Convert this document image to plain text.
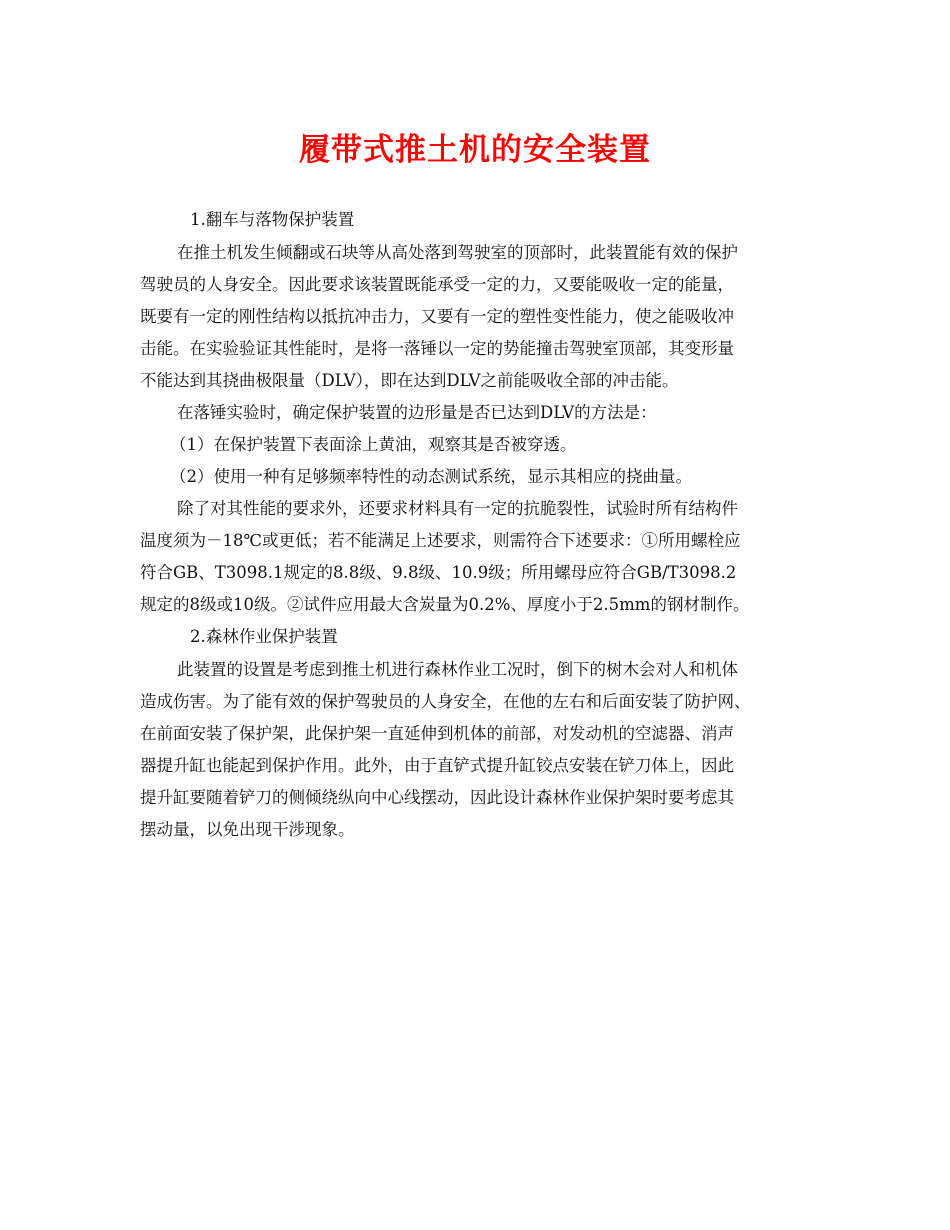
履带式推土机的安全装置

1.翻车与落物保护装置

在推土机发生倾翻或石块等从高处落到驾驶室的顶部时，此装置能有效的保护

驾驶员的人身安全。因此要求该装置既能承受一定的力，又要能吸收一定的能量，

既要有一定的刚性结构以抵抗冲击力，又要有一定的塑性变性能力，使之能吸收冲

击能。在实验验证其性能时，是将一落锤以一定的势能撞击驾驶室顶部，其变形量

不能达到其挠曲极限量（DLV），即在达到DLV之前能吸收全部的冲击能。

在落锤实验时，确定保护装置的边形量是否已达到DLV的方法是：

（1）在保护装置下表面涂上黄油，观察其是否被穿透。

（2）使用一种有足够频率特性的动态测试系统，显示其相应的挠曲量。

除了对其性能的要求外，还要求材料具有一定的抗脆裂性，试验时所有结构件

温度须为－18℃或更低；若不能满足上述要求，则需符合下述要求：①所用螺栓应

符合GB、T3098.1规定的8.8级、9.8级、10.9级；所用螺母应符合GB/T3098.2

规定的8级或10级。②试件应用最大含炭量为0.2%、厚度小于2.5mm的钢材制作。

2.森林作业保护装置

此装置的设置是考虑到推土机进行森林作业工况时，倒下的树木会对人和机体

造成伤害。为了能有效的保护驾驶员的人身安全，在他的左右和后面安装了防护网、

在前面安装了保护架，此保护架一直延伸到机体的前部，对发动机的空滤器、消声

器提升缸也能起到保护作用。此外，由于直铲式提升缸铰点安装在铲刀体上，因此

提升缸要随着铲刀的侧倾绕纵向中心线摆动，因此设计森林作业保护架时要考虑其

摆动量，以免出现干涉现象。
